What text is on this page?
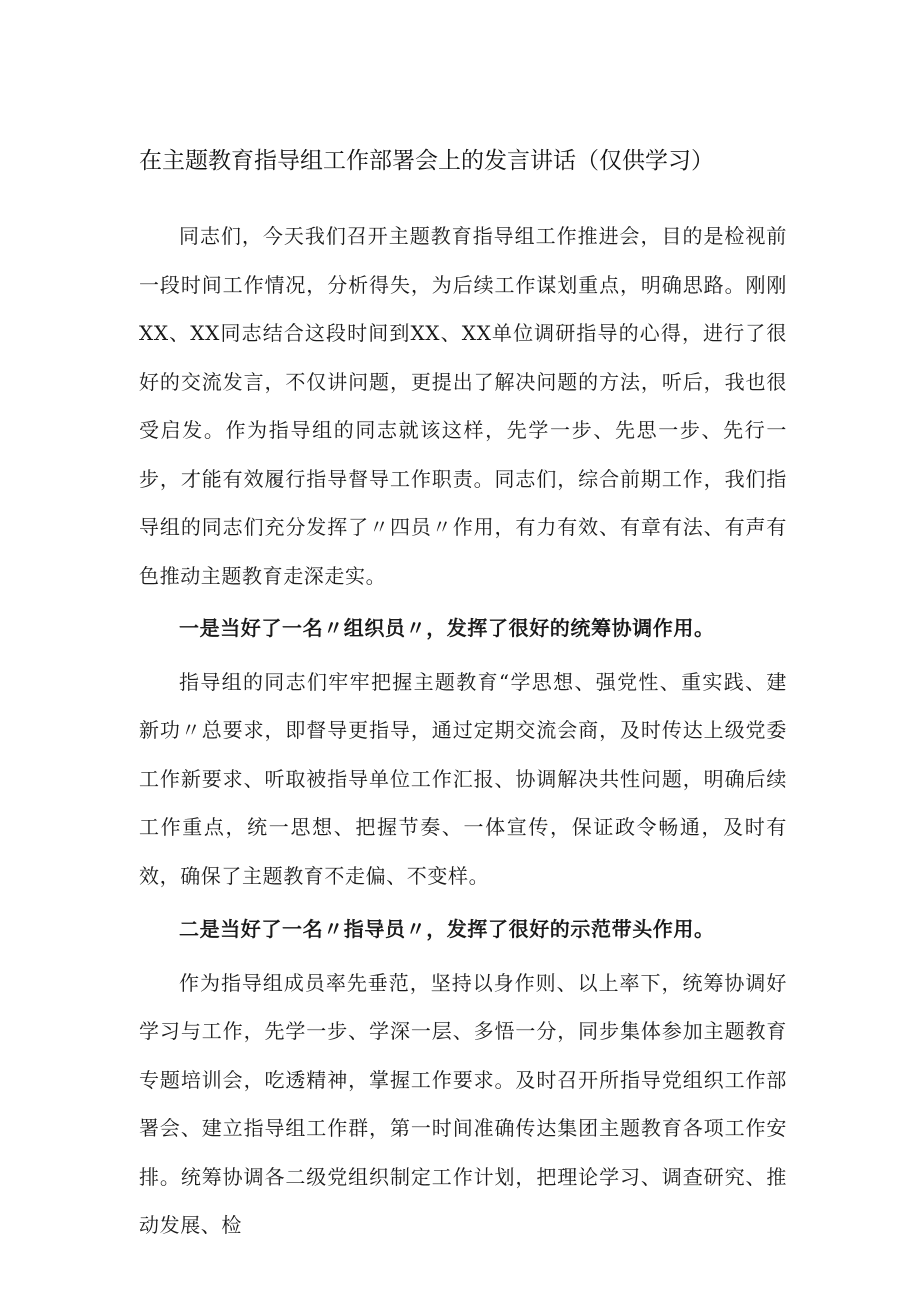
在主题教育指导组工作部署会上的发言讲话（仅供学习）

同志们，今天我们召开主题教育指导组工作推进会，目的是检视前一段时间工作情况，分析得失，为后续工作谋划重点，明确思路。刚刚XX、XX同志结合这段时间到XX、XX单位调研指导的心得，进行了很好的交流发言，不仅讲问题，更提出了解决问题的方法，听后，我也很受启发。作为指导组的同志就该这样，先学一步、先思一步、先行一步，才能有效履行指导督导工作职责。同志们，综合前期工作，我们指导组的同志们充分发挥了〃四员〃作用，有力有效、有章有法、有声有色推动主题教育走深走实。

一是当好了一名〃组织员〃，发挥了很好的统筹协调作用。

指导组的同志们牢牢把握主题教育“学思想、强党性、重实践、建新功〃总要求，即督导更指导，通过定期交流会商，及时传达上级党委工作新要求、听取被指导单位工作汇报、协调解决共性问题，明确后续工作重点，统一思想、把握节奏、一体宣传，保证政令畅通，及时有效，确保了主题教育不走偏、不变样。

二是当好了一名〃指导员〃，发挥了很好的示范带头作用。

作为指导组成员率先垂范，坚持以身作则、以上率下，统筹协调好学习与工作，先学一步、学深一层、多悟一分，同步集体参加主题教育专题培训会，吃透精神，掌握工作要求。及时召开所指导党组织工作部署会、建立指导组工作群，第一时间准确传达集团主题教育各项工作安排。统筹协调各二级党组织制定工作计划，把理论学习、调查研究、推动发展、检
